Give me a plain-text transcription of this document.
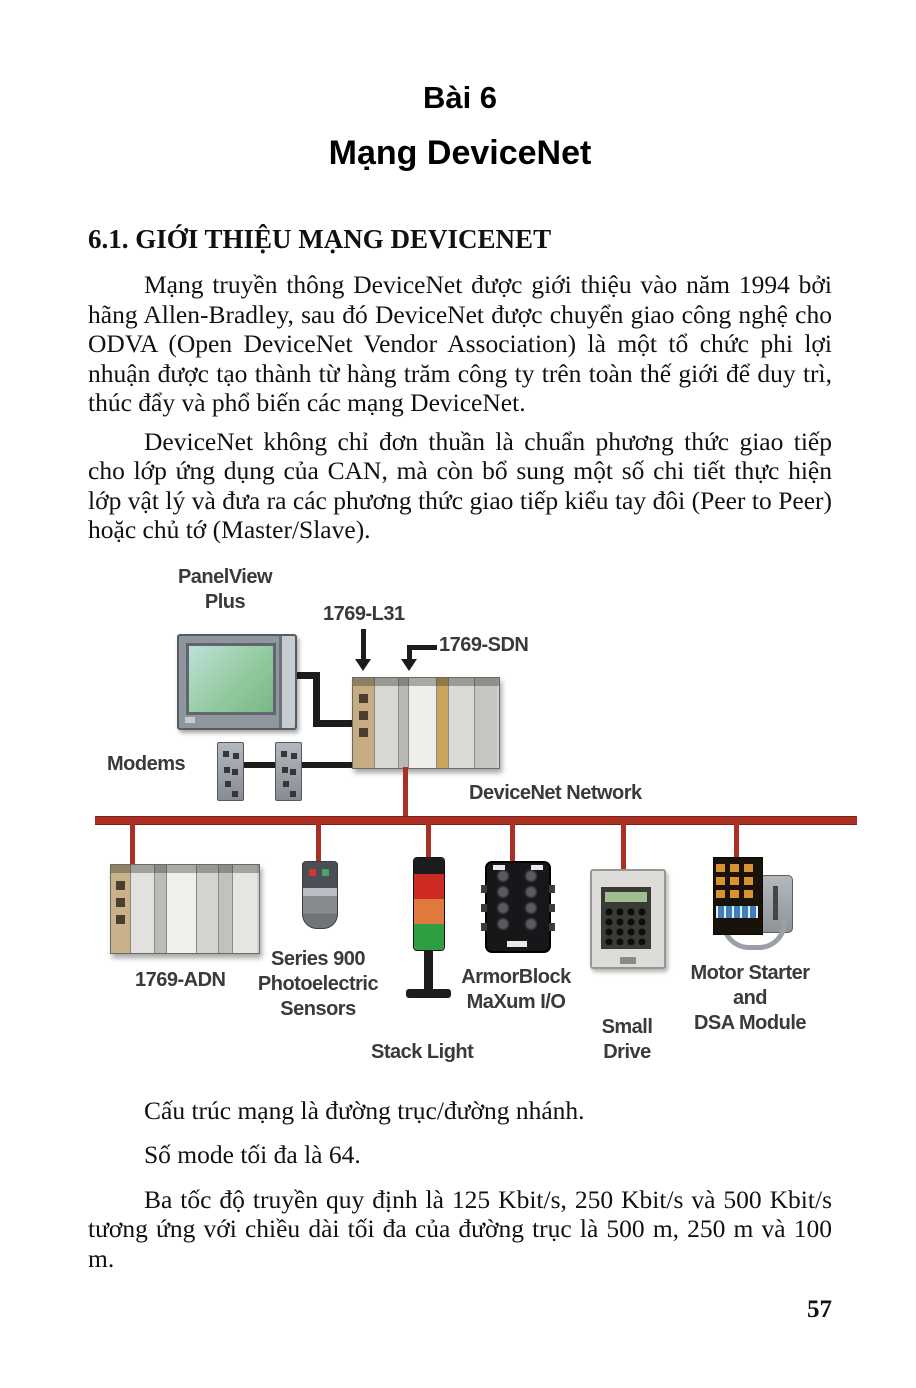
Bài 6
Mạng DeviceNet
6.1. GIỚI THIỆU MẠNG DEVICENET

Mạng truyền thông DeviceNet được giới thiệu vào năm 1994 bởi hãng Allen-Bradley, sau đó DeviceNet được chuyển giao công nghệ cho ODVA (Open DeviceNet Vendor Association) là một tổ chức phi lợi nhuận được tạo thành từ hàng trăm công ty trên toàn thế giới để duy trì, thúc đẩy và phổ biến các mạng DeviceNet.

DeviceNet không chỉ đơn thuần là chuẩn phương thức giao tiếp cho lớp ứng dụng của CAN, mà còn bổ sung một số chi tiết thực hiện lớp vật lý và đưa ra các phương thức giao tiếp kiểu tay đôi (Peer to Peer) hoặc chủ tớ (Master/Slave).

PanelView
Plus
1769-L31
1769-SDN
Modems
DeviceNet Network
1769-ADN
Series 900
Photoelectric
Sensors
Stack Light
ArmorBlock
MaXum I/O
Small
Drive
Motor Starter
and
DSA Module

Cấu trúc mạng là đường trục/đường nhánh.

Số mode tối đa là 64.

Ba tốc độ truyền quy định là 125 Kbit/s, 250 Kbit/s và 500 Kbit/s tương ứng với chiều dài tối đa của đường trục là 500 m, 250 m và 100 m.

57
